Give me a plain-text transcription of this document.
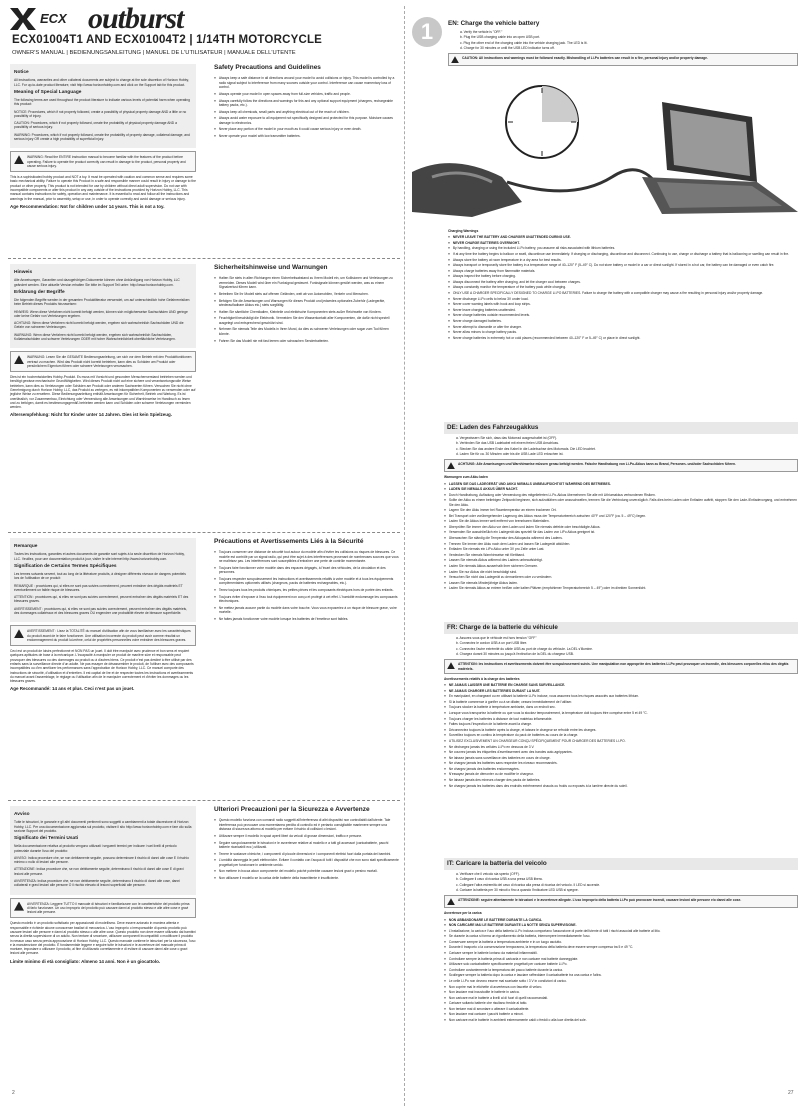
ECX outburst
ECX01004T1 AND ECX01004T2 | 1/14TH MOTORCYCLE
OWNER'S MANUAL | BEDIENUNGSANLEITUNG | MANUEL DE L'UTILISATEUR | MANUALE DELL'UTENTE
Notice

All instructions, warranties and other collateral documents are subject to change at the sole discretion of Horizon Hobby, LLC. For up-to-date product literature, visit http://www.horizonhobby.com and click on the Support tab for this product.

Meaning of Special Language

The following terms are used throughout the product literature to indicate various levels of potential harm when operating this product:

NOTICE: Procedures, which if not properly followed, create a possibility of physical property damage AND a little or no possibility of injury.

CAUTION: Procedures, which if not properly followed, create the probability of physical property damage AND a possibility of serious injury.

WARNING: Procedures, which if not properly followed, create the probability of property damage, collateral damage, and serious injury OR create a high probability of superficial injury.

WARNING: Read the ENTIRE instruction manual to become familiar with the features of the product before operating. Failure to operate the product correctly can result in damage to the product, personal property and cause serious injury.

This is a sophisticated hobby product and NOT a toy. It must be operated with caution and common sense and requires some basic mechanical ability. Failure to operate this Product in a safe and responsible manner could result in injury or damage to the product or other property. This product is not intended for use by children without direct adult supervision. Do not use with incompatible components or alter this product in any way outside of the instructions provided by Horizon Hobby, LLC. This manual contains instructions for safety, operation and maintenance. It is essential to read and follow all the instructions and warnings in the manual, prior to assembly, setup or use, in order to operate correctly and avoid damage or serious injury.

Age Recommendation: Not for children under 14 years. This is not a toy.
Safety Precautions and Guidelines
» Always keep a safe distance in all directions around your model to avoid collisions or injury. This model is controlled by a radio signal subject to interference from many sources outside your control. Interference can cause momentary loss of control.
» Always operate your model in open spaces away from full-size vehicles, traffic and people.
» Always carefully follow the directions and warnings for this and any optional support equipment (chargers, rechargeable battery packs, etc.).
» Always keep all chemicals, small parts and anything electrical out of the reach of children.
» Always avoid water exposure to all equipment not specifically designed and protected for this purpose. Moisture causes damage to electronics.
» Never place any portion of the model in your mouth as it could cause serious injury or even death.
» Never operate your model with low transmitter batteries.
Hinweis

Alle Anweisungen, Garantien und dazugehörigen Dokumente können ohne Ankündigung von Horizon Hobby, LLC geändert werden. Eine aktuelle Version erhalten Sie bitte im Support Teil unter: http://www.horizonhobby.com.

Erklärung der Begriffe

Die folgenden Begriffe werden in der gesamten Produktliteratur verwendet, um auf unterschiedlich hohe Gefahrenrisiken beim Betrieb dieses Produkts hinzuweisen:

HINWEIS: Wenn diese Verfahren nicht korrekt befolgt werden, können sich möglicherweise Sachschäden UND geringe oder keine Gefahr von Verletzungen ergeben.

ACHTUNG: Wenn diese Verfahren nicht korrekt befolgt werden, ergeben sich wahrscheinlich Sachschäden UND die Gefahr von schweren Verletzungen.

WARNUNG: Wenn diese Verfahren nicht korrekt befolgt werden, ergeben sich wahrscheinlich Sachschäden, Kollateralschäden und schwere Verletzungen ODER mit hoher Wahrscheinlichkeit oberflächliche Verletzungen.

WARNUNG: Lesen Sie die GESAMTE Bedienungsanleitung, um sich vor dem Betrieb mit den Produktfunktionen vertraut zu machen. Wird das Produkt nicht korrekt betrieben, kann dies zu Schäden am Produkt oder persönlichem Eigentum führen oder schwere Verletzungen verursachen.

Dies ist ein hochentwickeltes Hobby-Produkt. Es muss mit Vorsicht und gesundem Menschenverstand betrieben werden und benötigt gewisse mechanische Grundfähigkeiten. Wird dieses Produkt nicht auf eine sichere und verantwortungsvolle Weise betrieben, kann dies zu Verletzungen oder Schäden am Produkt oder anderen Sachwerten führen. Versuchen Sie nicht ohne Genehmigung durch Horizon Hobby, LLC, das Produkt zu zerlegen, es mit inkompatiblen Komponenten zu verwenden oder auf jegliche Weise zu erweitern. Diese Bedienungsanleitung enthält Anweisungen für Sicherheit, Betrieb und Wartung. Es ist unerlässlich, vor Zusammenbau, Einrichtung oder Verwendung alle Anweisungen und Warnhinweise im Handbuch zu lesen und zu befolgen, damit es bestimmungsgemäß betrieben werden kann und Schäden oder schwere Verletzungen vermieden werden.

Altersempfehlung: Nicht für Kinder unter 14 Jahren. Dies ist kein Spielzeug.
Sicherheitshinweise und Warnungen
» Halten Sie stets in allen Richtungen einen Sicherheitsabstand zu Ihrem Modell ein, um Kollisionen und Verletzungen zu vermeiden. Dieses Modell wird über ein Funksignal gesteuert. Funksignale können gestört werden, was zu einem Signalverlust führen kann.
» Betreiben Sie Ihr Modell stets auf offenen Geländen, weit ab von Automobilen, Verkehr und Menschen.
» Befolgen Sie die Anweisungen und Warnungen für dieses Produkt und jedwedes optionales Zubehör (Ladegeräte, wiederaufladbare Akkus etc.) stets sorgfältig.
» Halten Sie sämtliche Chemikalien, Kleinteile und elektrische Komponenten stets außer Reichweite von Kindern.
» Feuchtigkeit beschädigt die Elektronik. Vermeiden Sie den Wasserkontakt aller Komponenten, die dafür nicht speziell ausgelegt und entsprechend geschützt sind.
» Nehmen Sie niemals Teile des Modells in Ihren Mund, da dies zu schweren Verletzungen oder sogar zum Tod führen könnte.
» Fahren Sie das Modell nie mit fast leeren oder schwachen Senderbatterien.
Remarque

Toutes les instructions, garanties et autres documents de garantie sont sujets à la seule discrétion de Horizon Hobby, LLC. Veuillez, pour une documentation produit à jour, visiter le site internet http://www.horizonhobby.com.

Signification de Certains Termes Spécifiques

Les termes suivants servent, tout au long de la littérature produits, à désigner différents niveaux de dangers potentiels lors de l'utilisation de ce produit:

REMARQUE : procédures qui, si elles ne sont pas suivies correctement, peuvent entraîner des dégâts matériels ET éventuellement un faible risque de blessures.

ATTENTION : procédures qui, si elles ne sont pas suivies correctement, peuvent entraîner des dégâts matériels ET des blessures graves.

AVERTISSEMENT : procédures qui, si elles ne sont pas suivies correctement, peuvent entraîner des dégâts matériels, des dommages collatéraux et des blessures graves OU engendrer une probabilité élevée de blessure superficielle.

AVERTISSEMENT : Lisez la TOTALITÉ du manuel d'utilisation afin de vous familiariser avec les caractéristiques du produit avant de le faire fonctionner. Une utilisation incorrecte du produit peut avoir comme résultat un endommagement du produit lui-même, celui de propriétés personnelles voire entraîner des blessures graves.

Ceci est un produit de loisirs perfectionné et NON PAS un jouet. Il doit être manipulé avec prudence et bon sens et requiert quelques aptitudes de base à la mécanique. L'incapacité à manipuler ce produit de manière sûre et responsable peut provoquer des blessures ou des dommages au produit ou à d'autres biens. Ce produit n'est pas destiné à être utilisé par des enfants sans la surveillance directe d'un adulte. Ne pas essayer de désassembler le produit, de l'utiliser avec des composants incompatibles ou d'en améliorer les performances sans l'approbation de Horizon Hobby, LLC. Ce manuel comporte des instructions de sécurité, d'utilisation et d'entretien. Il est capital de lire et de respecter toutes les instructions et avertissements du manuel avant l'assemblage, le réglage ou l'utilisation afin de le manipuler correctement et d'éviter les dommages ou les blessures graves.

Age Recommandé: 14 ans et plus. Ceci n'est pas un jouet.
Précautions et Avertissements Liés à la Sécurité
» Toujours conserver une distance de sécurité tout autour du modèle afin d'éviter les collisions ou risques de blessures. Ce modèle est contrôlé par un signal radio, qui peut être sujet à des interférences provenant de nombreuses sources que vous ne maîtrisez pas. Les interférences sont susceptibles d'entraîner une perte de contrôle momentanée.
» Toujours faire fonctionner votre modèle dans des espaces dégagés, à l'écart des véhicules, de la circulation et des personnes.
» Toujours respecter scrupuleusement les instructions et avertissements relatifs à votre modèle et à tous les équipements complémentaires optionnels utilisés (chargeurs, packs de batteries rechargeables, etc.).
» Tenez toujours tous les produits chimiques, les petites pièces et les composants électriques hors de portée des enfants.
» Toujours éviter d'exposer à l'eau tout équipement non conçu et protégé à cet effet. L'humidité endommage les composants électroniques.
» Ne mettez jamais aucune partie du modèle dans votre bouche. Vous vous exposeriez à un risque de blessure grave, voire mortelle.
» Ne faites jamais fonctionner votre modèle lorsque les batteries de l'émetteur sont faibles.
Avviso

Tutte le istruzioni, le garanzie e gli altri documenti pertinenti sono soggetti a cambiamenti a totale discrezione di Horizon Hobby, LLC. Per una documentazione aggiornata sul prodotto, visitare il sito http://www.horizonhobby.com e fare clic sulla sezione Support del prodotto.

Significato dei Termini Usati

Nella documentazione relativa al prodotto vengono utilizzati i seguenti termini per indicare i vari livelli di pericolo potenziale durante l'uso del prodotto:

AVVISO: Indica procedure che, se non debitamente seguite, possono determinare il rischio di danni alle cose E il rischio minimo o nullo di lesioni alle persone.

ATTENZIONE: Indica procedure che, se non debitamente seguite, determinano il rischio di danni alle cose E di gravi lesioni alle persone.

AVVERTENZA: Indica procedure che, se non debitamente seguite, determinano il rischio di danni alle cose, danni collaterali e gravi lesioni alle persone O il rischio elevato di lesioni superficiali alle persone.

AVVERTENZA: Leggere TUTTO il manuale di istruzioni e familiarizzare con le caratteristiche del prodotto prima di farlo funzionare. Un uso improprio del prodotto può causare danni al prodotto stesso e alle altre cose e gravi lesioni alle persone.

Questo modello è un prodotto sofisticato per appassionati di modellismo. Deve essere azionato in maniera attenta e responsabile e richiede alcune conoscenze basilari di meccanica. L'uso improprio o irresponsabile di questo prodotto può causare lesioni alle persone e danni al prodotto stesso o alle altre cose. Questo prodotto non deve essere utilizzato dai bambini senza la diretta supervisione di un adulto. Non tentare di smontare, utilizzare componenti incompatibili o modificare il prodotto in nessun caso senza previa approvazione di Horizon Hobby, LLC. Questo manuale contiene le istruzioni per la sicurezza, l'uso e la manutenzione del prodotto. È fondamentale leggere e seguire tutte le istruzioni e le avvertenze del manuale prima di montare, impostare o utilizzare il prodotto, al fine di utilizzarlo correttamente e di evitare di causare danni alle cose o gravi lesioni alle persone.

Limite minimo di età consigliato: Almeno 14 anni. Non è un giocattolo.
Ulteriori Precauzioni per la Sicurezza e Avvertenze
» Questo modello funziona con comandi radio soggetti all'interferenza di altri dispositivi non controllabili dall'utente. Tale interferenza può provocare una momentanea perdita di controllo ed è pertanto consigliabile mantenere sempre una distanza di sicurezza attorno al modello per evitare il rischio di collisioni o lesioni.
» Utilizzare sempre il modello in spazi aperti liberi da veicoli di grosse dimensioni, traffico e persone.
» Seguire scrupolosamente le istruzioni e le avvertenze relative al modello e a tutti gli accessori (caricabatterie, pacchi batterie ricaricabili ecc.) utilizzati.
» Tenere le sostanze chimiche, i componenti di piccole dimensioni e i componenti elettrici fuori dalla portata dei bambini.
» L'umidità danneggia le parti elettroniche. Evitare il contatto con l'acqua di tutti i dispositivi che non sono stati specificamente progettati per funzionare in ambiente umido.
» Non mettere in bocca alcun componente del modello poiché potrebbe causare lesioni gravi o persino mortali.
» Non utilizzare il modello se la carica delle batterie della trasmittente è insufficiente.
1	EN: Charge the vehicle battery
a. Verify the vehicle is "OFF."
b. Plug the USB charging cable into an open USB port.
c. Plug the other end of the charging cable into the vehicle charging jack. The LED is lit.
d. Charge for 30 minutes or until the USB LED indicator turns off.
CAUTION: All instructions and warnings must be followed exactly. Mishandling of Li-Po batteries can result in a fire, personal injury and/or property damage.
Charging Warnings
» NEVER LEAVE THE BATTERY AND CHARGER UNATTENDED DURING USE.
» NEVER CHARGE BATTERIES OVERNIGHT.
» By handling, charging or using the included Li-Po battery, you assume all risks associated with lithium batteries.
» If at any time the battery begins to balloon or swell, discontinue use immediately. If charging or discharging, discontinue and disconnect. Continuing to use, charge or discharge a battery that is ballooning or swelling can result in fire.
» Always store the battery at room temperature in a dry area for best results.
» Always transport or temporarily store the battery in a temperature range of 40–120° F (5–49° C). Do not store battery or model in a car or direct sunlight. If stored in a hot car, the battery can be damaged or even catch fire.
» Always charge batteries away from flammable materials.
» Always inspect the battery before charging.
» Always disconnect the battery after charging, and let the charger cool between charges.
» Always constantly monitor the temperature of the battery pack while charging.
» ONLY USE A CHARGER SPECIFICALLY DESIGNED TO CHARGE LI-PO BATTERIES. Failure to charge the battery with a compatible charger may cause a fire resulting in personal injury and/or property damage.
» Never discharge Li-Po cells to below 3V under load.
» Never cover warning labels with hook and loop strips.
» Never leave charging batteries unattended.
» Never charge batteries outside recommended levels.
» Never charge damaged batteries.
» Never attempt to dismantle or alter the charger.
» Never allow minors to charge battery packs.
» Never charge batteries in extremely hot or cold places (recommended between 40–120° F or 5–49° C) or place in direct sunlight.
DE: Laden des Fahrzeugakkus
a. Vergewissern Sie sich, dass das Motorrad ausgeschaltet ist (OFF).
b. Verbinden Sie das USB Ladekabel mit einem freien USB Anschluss.
c. Stecken Sie das andere Ende des Kabel in die Ladebuchse des Motorrads. Die LED leuchtet.
d. Laden Sie für ca. 30 Minuten oder bis die USB Lade LED erloschen ist.
ACHTUNG: Alle Anweisungen und Warnhinweise müssen genau befolgt werden. Falsche Handhabung von Li-Po-Akkus kann zu Brand, Personen- und/oder Sachschäden führen.
Warnungen zum Akku laden
» LASSEN SIE DAS LADEGERÄT UND AKKU NIEMALS UNBEAUFSICHTIGT WÄHREND DES BETRIEBES.
» LADEN SIE NIEMALS AKKUS ÜBER NACHT.
» Durch Handhabung, Aufladung oder Verwendung des mitgelieferten Li-Po-Akkus übernehmen Sie alle mit Lithiumakkus verbundenen Risiken.
» Sollte der Akku zu einem beliebigen Zeitpunkt beginnen, sich aufzublähen oder anzuschwellen, trennen Sie die Verbindung unverzüglich. Falls dies beim Laden oder Entladen auftritt, stoppen Sie den Lade-/Entladevorgang, und entnehmen Sie den Akku.
» Lagern Sie den Akku immer bei Raumtemperatur an einem trockenen Ort.
» Bei Transport oder vorübergehender Lagerung des Akkus muss der Temperaturbereich zwischen 40°F und 120°F (ca. 5 – 49°C) liegen.
» Laden Sie die Akkus immer weit entfernt von brennbaren Materialien.
» Überprüfen Sie immer den Akku vor dem Laden und laden Sie niemals defekte oder beschädigte Akkus.
» Verwenden Sie ausschließlich ein Ladegerät das speziell für das Laden von LiPo Akkus geeignet ist.
» Überwachen Sie ständig die Temperatur des Akkupacks während des Ladens.
» Trennen Sie immer den Akku nach dem Laden und lassen Sie Ladegerät abkühlen.
» Entladen Sie niemals ein LiPo Akku unter 3V pro Zelle unter Last.
» Verdecken Sie niemals Warnhinweise mit Klettband.
» Lassen Sie niemals Akkus während des Ladens unbeaufsichtigt.
» Laden Sie niemals Akkus ausserhalb ihrer sicheren Grenzen.
» Laden Sie nur Akkus die nicht beschädigt sind.
» Versuchen Sie nicht das Ladegerät zu demontieren oder zu verändern.
» Lassen Sie niemals Minderjährige Akkus laden.
» Laden Sie niemals Akkus an extrem heißen oder kalten Plätzen (empfohlener Temperaturbereich 5 – 49°) oder im direkten Sonnenlicht.
FR: Charge de la batterie du véhicule
a. Assurez-vous que le véhicule est hors tension "OFF"
b. Connectez le cordon USB à un port USB libre.
c. Connectez l'autre extrémité du câble USB au port de charge du véhicule. La DEL s'illumine.
d. Chargez durant 30 minutes ou jusqu'à l'extinction de la DEL du chargeur USB.
ATTENTION: les instructions et avertissements doivent être scrupuleusement suivis. Une manipulation non appropriée des batteries Li-Po peut provoquer un incendie, des blessures corporelles et/ou des dégâts matériels.
Avertissements relatifs à la charge des batteries
» NE JAMAIS LAISSER UNE BATTERIE EN CHARGE SANS SURVEILLANCE.
» NE JAMAIS CHARGER LES BATTERIES DURANT LA NUIT.
» En manipulant, en chargeant ou en utilisant la batterie Li-Po incluse, vous assumez tous les risques associés aux batteries lithium.
» Si la batterie commence à gonfler ou à se dilater, cessez immédiatement de l'utiliser.
» Toujours stocker la batterie à température ambiante, dans un endroit sec.
» Lorsque vous transportez la batterie ou que vous la stockez temporairement, la température doit toujours être comprise entre 5 et 49 °C.
» Toujours charger les batteries à distance de tout matériau inflammable.
» Faites toujours l'inspection de la batterie avant la charge.
» Déconnectez toujours la batterie après la charge, et laissez le chargeur se refroidir entre les charges.
» Surveillez toujours en continu la température du pack de batteries au cours de la charge.
» UTILISEZ EXCLUSIVEMENT UN CHARGEUR CONÇU SPÉCIFIQUEMENT POUR CHARGER DES BATTERIES LI-PO.
» Ne déchargez jamais les cellules Li-Po en dessous de 3 V.
» Ne couvrez jamais les étiquettes d'avertissement avec des bandes auto-agrippantes.
» Ne laissez jamais sans surveillance des batteries en cours de charge.
» Ne chargez jamais les batteries sans respecter les niveaux recommandés.
» Ne chargez jamais des batteries endommagées.
» N'essayez jamais de démonter ou de modifier le chargeur.
» Ne laissez jamais des mineurs charger des packs de batteries.
» Ne chargez jamais les batteries dans des endroits extrêmement chauds ou froids ou exposés à la lumière directe du soleil.
IT: Caricare la batteria del veicolo
a. Verificare che il veicolo sia spento (OFF).
b. Collegare il cavo di ricarica USB a una presa USB libera.
c. Collegare l'altra estremità del cavo di ricarica alla presa di ricarica del veicolo. Il LED si accende.
d. Caricare la batteria per 30 minuti o fino a quando l'indicatore LED USB si spegne.
ATTENZIONE: seguire attentamente le istruzioni e le avvertenze allegate. L'uso improprio della batteria Li-Po può provocare incendi, causare lesioni alle persone e/o danni alle cose.
Avvertenze per la carica
» NON ABBANDONARE LE BATTERIE DURANTE LA CARICA.
» NON CARICARE MAI LE BATTERIE DURANTE LA NOTTE SENZA SUPERVISIONE.
» L'installazione, la carica e l'uso della batteria Li-Po inclusa comportano l'assunzione di parte dell'utente di tutti i rischi associati alle batterie al litio.
» Se durante la carica si forma un rigonfiamento della batteria, interrompere immediatamente l'uso.
» Conservare sempre la batteria a temperatura ambiente e in un luogo asciutto.
» Durante il trasporto o la conservazione temporanea, la temperatura della batteria deve essere sempre compresa tra 5 e 49 °C.
» Caricare sempre le batterie lontano da materiali infiammabili.
» Controllare sempre la batteria prima di caricarla e non caricare mai batterie danneggiate.
» Utilizzare solo caricabatterie specificamente progettati per caricare batterie Li-Po.
» Controllare costantemente la temperatura del pacco batterie durante la carica.
» Scollegare sempre la batteria dopo la carica e lasciare raffreddare il caricabatterie tra una carica e l'altra.
» Le celle Li-Po non devono essere mai scaricate sotto i 3 V in condizioni di carico.
» Non coprire mai le etichette di avvertenza con fascette di velcro.
» Non lasciare mai incustodite le batterie in carica.
» Non caricare mai le batterie a livelli al di fuori di quelli raccomandati.
» Caricare soltanto batterie che risultano fredde al tatto.
» Non tentare mai di smontare o alterare il caricabatterie.
» Non lasciare mai caricare i pacchi batterie a minori.
» Non caricare mai le batterie in ambienti estremamente caldi o freddi o alla luce diretta del sole.
2	27
